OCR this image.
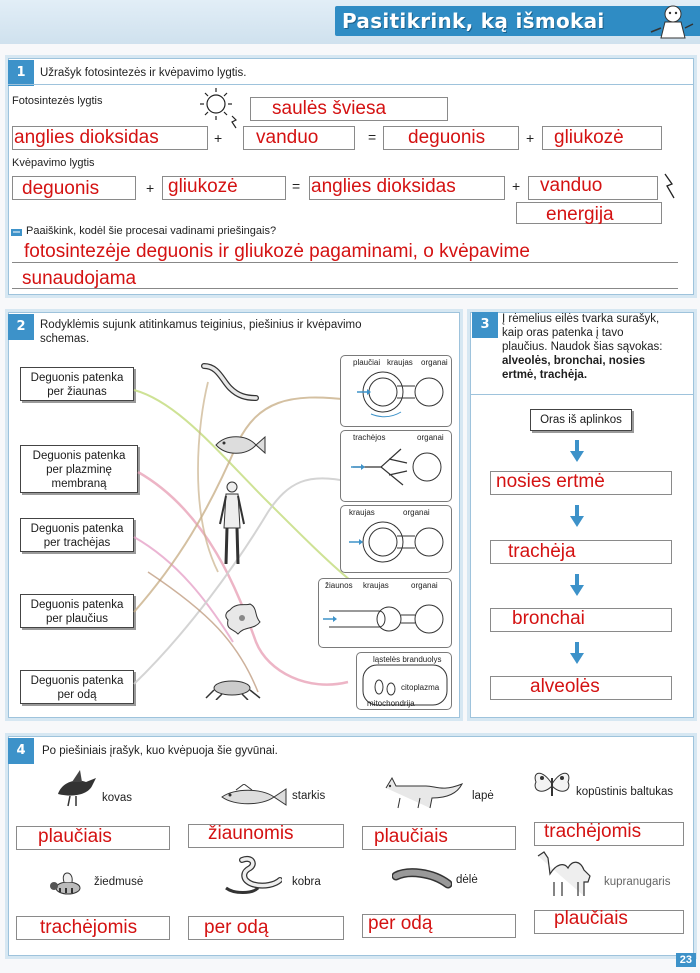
Pasitikrink, ką išmokai
1	Užrašyk fotosintezės ir kvėpavimo lygtis.
Fotosintezės lygtis	saulės šviesa
anglies dioksidas	+ vanduo	= deguonis	+ gliukozė
Kvėpavimo lygtis
deguonis	+ gliukozė	= anglies dioksidas	+ vanduo
energija
Paaiškink, kodėl šie procesai vadinami priešingais?
fotosintezėje deguonis ir gliukozė pagaminami, o kvėpavime
sunaudojama
2	Rodyklėmis sujunk atitinkamus teiginius, piešinius ir kvėpavimo
schemas.
Deguonis patenka
per žiaunas
Deguonis patenka
per plazminę
membraną
Deguonis patenka
per trachėjas
Deguonis patenka
per plaučius
Deguonis patenka
per odą
plaučiai kraujas organai
trachėjos	organai
kraujas	organai
žiaunos kraujas	organai
ląstelės branduolys
citoplazma
mitochondrija
3	Į rėmelius eilės tvarka surašyk,
kaip oras patenka į tavo
plaučius. Naudok šias sąvokas:
alveolės, bronchai, nosies
ertmė, trachėja.
Oras iš aplinkos
nosies ertmė
trachėja
bronchai
alveolės
4	Po piešiniais įrašyk, kuo kvėpuoja šie gyvūnai.
kovas	starkis	lapė	kopūstinis baltukas
plaučiais	žiaunomis	plaučiais	trachėjomis
žiedmusė	kobra	dėlė	kupranugaris
trachėjomis	per odą	per odą	plaučiais
23
